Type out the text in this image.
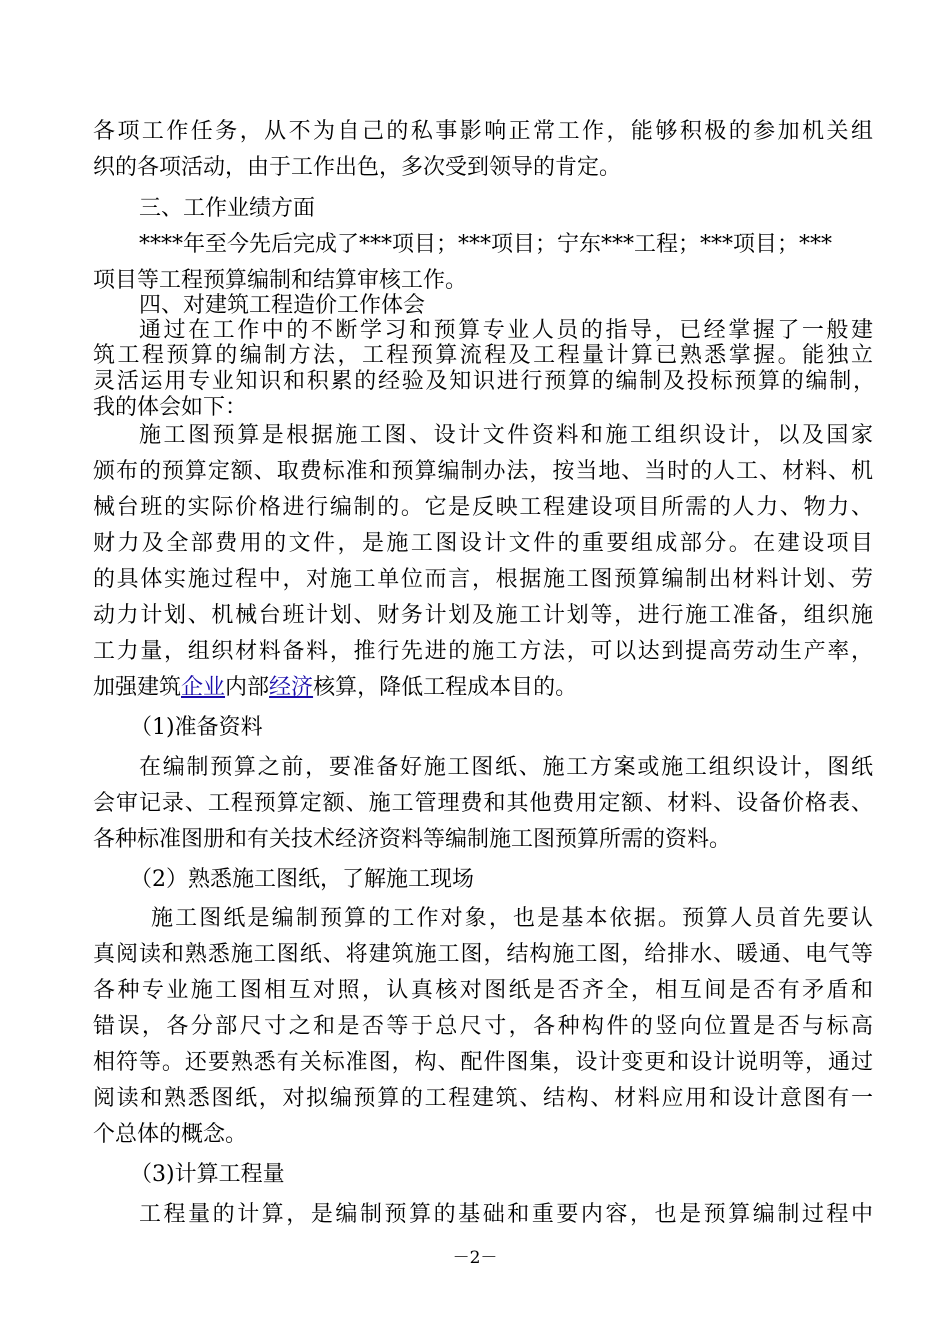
各项工作任务，从不为自己的私事影响正常工作，能够积极的参加机关组
织的各项活动，由于工作出色，多次受到领导的肯定。
三、工作业绩方面
****年至今先后完成了***项目；***项目；宁东***工程；***项目；***
项目等工程预算编制和结算审核工作。
四、对建筑工程造价工作体会
通过在工作中的不断学习和预算专业人员的指导，已经掌握了一般建
筑工程预算的编制方法，工程预算流程及工程量计算已熟悉掌握。能独立
灵活运用专业知识和积累的经验及知识进行预算的编制及投标预算的编制，
我的体会如下：
施工图预算是根据施工图、设计文件资料和施工组织设计，以及国家
颁布的预算定额、取费标准和预算编制办法，按当地、当时的人工、材料、机
械台班的实际价格进行编制的。它是反映工程建设项目所需的人力、物力、
财力及全部费用的文件，是施工图设计文件的重要组成部分。在建设项目
的具体实施过程中，对施工单位而言，根据施工图预算编制出材料计划、劳
动力计划、机械台班计划、财务计划及施工计划等，进行施工准备，组织施
工力量，组织材料备料，推行先进的施工方法，可以达到提高劳动生产率，
加强建筑企业内部经济核算，降低工程成本目的。
（1)准备资料
在编制预算之前，要准备好施工图纸、施工方案或施工组织设计，图纸
会审记录、工程预算定额、施工管理费和其他费用定额、材料、设备价格表、
各种标准图册和有关技术经济资料等编制施工图预算所需的资料。
（2）熟悉施工图纸，了解施工现场
施工图纸是编制预算的工作对象，也是基本依据。预算人员首先要认
真阅读和熟悉施工图纸、将建筑施工图，结构施工图，给排水、暖通、电气等
各种专业施工图相互对照，认真核对图纸是否齐全，相互间是否有矛盾和
错误，各分部尺寸之和是否等于总尺寸，各种构件的竖向位置是否与标高
相符等。还要熟悉有关标准图，构、配件图集，设计变更和设计说明等，通过
阅读和熟悉图纸，对拟编预算的工程建筑、结构、材料应用和设计意图有一
个总体的概念。
（3)计算工程量
工程量的计算，是编制预算的基础和重要内容，也是预算编制过程中
－2－
